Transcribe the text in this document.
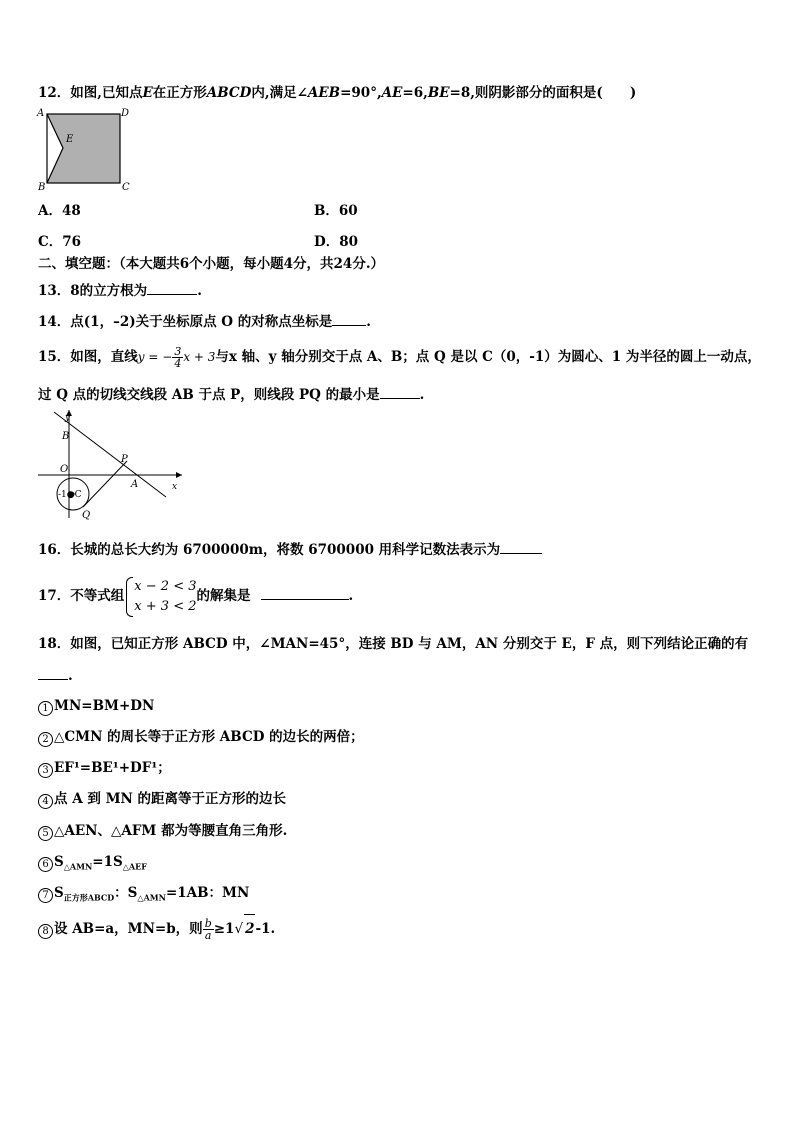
12．如图,已知点E在正方形ABCD内,满足∠AEB=90°,AE=6,BE=8,则阴影部分的面积是(　　)
A	D
E
B	C
A．48	B．60
C．76	D．80
二、填空题：（本大题共6个小题，每小题4分，共24分.）
13．8的立方根为	.
14．点(1，–2)关于坐标原点 O 的对称点坐标是	.
15．如图，直线y = − $\frac{3}{4}$ x + 3与x 轴、y 轴分别交于点 A、B；点 Q 是以 C（0，-1）为圆心、1 为半径的圆上一动点，
过 Q 点的切线交线段 AB 于点 P，则线段 PQ 的最小是	.
y
B
P
O
A	x
-1●C
Q
16．长城的总长大约为 6700000m，将数 6700000 用科学记数法表示为
17．不等式组
x − 2 < 3
x + 3 < 2
的解集是	.
18．如图，已知正方形 ABCD 中，∠MAN=45°，连接 BD 与 AM，AN 分别交于 E，F 点，则下列结论正确的有
.
1 MN=BM+DN
2 △CMN 的周长等于正方形 ABCD 的边长的两倍；
3 EF¹=BE¹+DF¹；
4 点 A 到 MN 的距离等于正方形的边长
5 △AEN、△AFM 都为等腰直角三角形.
6 $S_{\triangle AMN}=1S_{\triangle AEF}$
7 $S_{正方形ABCD}$：$S_{\triangle AMN}=1AB$：MN
8 设 AB=a，MN=b，则 $\frac{b}{a} \ge 1√$ 2-1.
